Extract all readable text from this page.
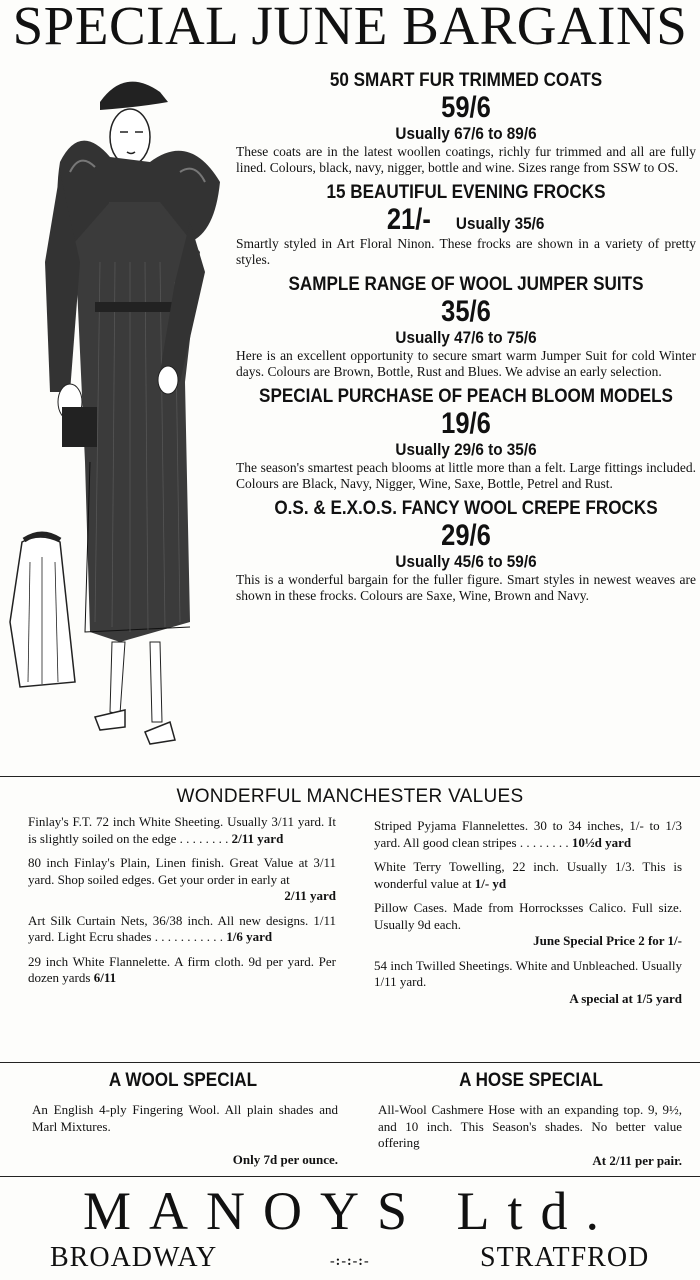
SPECIAL JUNE BARGAINS
50 SMART FUR TRIMMED COATS
59/6
Usually 67/6 to 89/6
These coats are in the latest woollen coatings, richly fur trimmed and all are fully lined. Colours, black, navy, nigger, bottle and wine. Sizes range from SSW to OS.
15 BEAUTIFUL EVENING FROCKS
21/- Usually 35/6
Smartly styled in Art Floral Ninon. These frocks are shown in a variety of pretty styles.
SAMPLE RANGE OF WOOL JUMPER SUITS
35/6
Usually 47/6 to 75/6
Here is an excellent opportunity to secure smart warm Jumper Suit for cold Winter days. Colours are Brown, Bottle, Rust and Blues. We advise an early selection.
SPECIAL PURCHASE OF PEACH BLOOM MODELS
19/6
Usually 29/6 to 35/6
The season's smartest peach blooms at little more than a felt. Large fittings included. Colours are Black, Navy, Nigger, Wine, Saxe, Bottle, Petrel and Rust.
O.S. & E.X.O.S. FANCY WOOL CREPE FROCKS
29/6
Usually 45/6 to 59/6
This is a wonderful bargain for the fuller figure. Smart styles in newest weaves are shown in these frocks. Colours are Saxe, Wine, Brown and Navy.
WONDERFUL MANCHESTER VALUES

Finlay's F.T. 72 inch White Sheeting. Usually 3/11 yard. It is slightly soiled on the edge . . . . . . . . 2/11 yard

80 inch Finlay's Plain, Linen finish. Great Value at 3/11 yard. Shop soiled edges. Get your order in early at

2/11 yard

Art Silk Curtain Nets, 36/38 inch. All new designs. 1/11 yard. Light Ecru shades . . . . . . . . . . . 1/6 yard

29 inch White Flannelette. A firm cloth. 9d per yard. Per dozen yards 6/11

Striped Pyjama Flannelettes. 30 to 34 inches, 1/- to 1/3 yard. All good clean stripes . . . . . . . . 10½d yard

White Terry Towelling, 22 inch. Usually 1/3. This is wonderful value at 1/- yd

Pillow Cases. Made from Horrocksses Calico. Full size. Usually 9d each.

June Special Price 2 for 1/-

54 inch Twilled Sheetings. White and Unbleached. Usually 1/11 yard.

A special at 1/5 yard

A WOOL SPECIAL
An English 4-ply Fingering Wool. All plain shades and Marl Mixtures.
Only 7d per ounce.
A HOSE SPECIAL
All-Wool Cashmere Hose with an expanding top. 9, 9½, and 10 inch. This Season's shades. No better value offering
At 2/11 per pair.
MANOYS Ltd.
BROADWAY	-:-:-:-	STRATFROD
